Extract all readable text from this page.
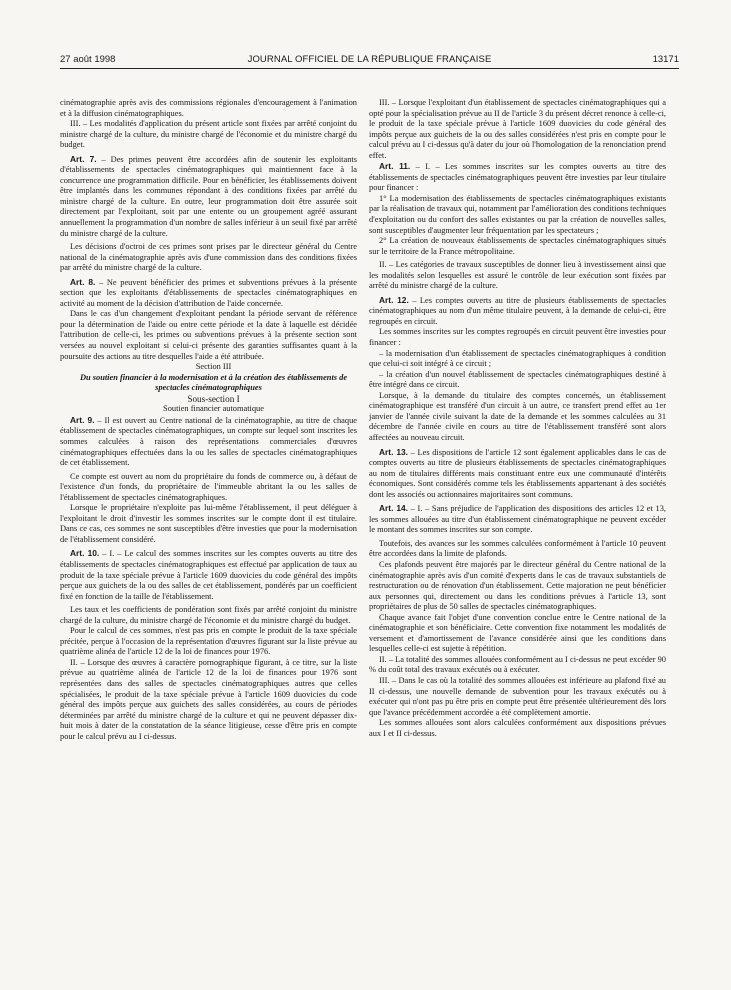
27 août 1998	JOURNAL OFFICIEL DE LA RÉPUBLIQUE FRANÇAISE	13171

cinématographie après avis des commissions régionales d'encouragement à l'animation et à la diffusion cinématographiques.

III. – Les modalités d'application du présent article sont fixées par arrêté conjoint du ministre chargé de la culture, du ministre chargé de l'économie et du ministre chargé du budget.

Art. 7. – Des primes peuvent être accordées afin de soutenir les exploitants d'établissements de spectacles cinématographiques qui maintiennent face à la concurrence une programmation difficile. Pour en bénéficier, les établissements doivent être implantés dans les communes répondant à des conditions fixées par arrêté du ministre chargé de la culture. En outre, leur programmation doit être assurée soit directement par l'exploitant, soit par une entente ou un groupement agréé assurant annuellement la programmation d'un nombre de salles inférieur à un seuil fixé par arrêté du ministre chargé de la culture.

Les décisions d'octroi de ces primes sont prises par le directeur général du Centre national de la cinématographie après avis d'une commission dans des conditions fixées par arrêté du ministre chargé de la culture.

Art. 8. – Ne peuvent bénéficier des primes et subventions prévues à la présente section que les exploitants d'établissements de spectacles cinématographiques en activité au moment de la décision d'attribution de l'aide concernée.

Dans le cas d'un changement d'exploitant pendant la période servant de référence pour la détermination de l'aide ou entre cette période et la date à laquelle est décidée l'attribution de celle-ci, les primes ou subventions prévues à la présente section sont versées au nouvel exploitant si celui-ci présente des garanties suffisantes quant à la poursuite des actions au titre desquelles l'aide a été attribuée.

Section III

Du soutien financier à la modernisation et à la création des établissements de spectacles cinématographiques

Sous-section I

Soutien financier automatique

Art. 9. – Il est ouvert au Centre national de la cinématographie, au titre de chaque établissement de spectacles cinématographiques, un compte sur lequel sont inscrites les sommes calculées à raison des représentations commerciales d'œuvres cinématographiques effectuées dans la ou les salles de spectacles cinématographiques de cet établissement.

Ce compte est ouvert au nom du propriétaire du fonds de commerce ou, à défaut de l'existence d'un fonds, du propriétaire de l'immeuble abritant la ou les salles de l'établissement de spectacles cinématographiques.

Lorsque le propriétaire n'exploite pas lui-même l'établissement, il peut déléguer à l'exploitant le droit d'investir les sommes inscrites sur le compte dont il est titulaire. Dans ce cas, ces sommes ne sont susceptibles d'être investies que pour la modernisation de l'établissement considéré.

Art. 10. – I. – Le calcul des sommes inscrites sur les comptes ouverts au titre des établissements de spectacles cinématographiques est effectué par application de taux au produit de la taxe spéciale prévue à l'article 1609 duovicies du code général des impôts perçue aux guichets de la ou des salles de cet établissement, pondérés par un coefficient fixé en fonction de la taille de l'établissement.

Les taux et les coefficients de pondération sont fixés par arrêté conjoint du ministre chargé de la culture, du ministre chargé de l'économie et du ministre chargé du budget.

Pour le calcul de ces sommes, n'est pas pris en compte le produit de la taxe spéciale précitée, perçue à l'occasion de la représentation d'œuvres figurant sur la liste prévue au quatrième alinéa de l'article 12 de la loi de finances pour 1976.

II. – Lorsque des œuvres à caractère pornographique figurant, à ce titre, sur la liste prévue au quatrième alinéa de l'article 12 de la loi de finances pour 1976 sont représentées dans des salles de spectacles cinématographiques autres que celles spécialisées, le produit de la taxe spéciale prévue à l'article 1609 duovicies du code général des impôts perçue aux guichets des salles considérées, au cours de périodes déterminées par arrêté du ministre chargé de la culture et qui ne peuvent dépasser dix-huit mois à dater de la constatation de la séance litigieuse, cesse d'être pris en compte pour le calcul prévu au I ci-dessus.

III. – Lorsque l'exploitant d'un établissement de spectacles cinématographiques qui a opté pour la spécialisation prévue au II de l'article 3 du présent décret renonce à celle-ci, le produit de la taxe spéciale prévue à l'article 1609 duovicies du code général des impôts perçue aux guichets de la ou des salles considérées n'est pris en compte pour le calcul prévu au I ci-dessus qu'à dater du jour où l'homologation de la renonciation prend effet.

Art. 11. – I. – Les sommes inscrites sur les comptes ouverts au titre des établissements de spectacles cinématographiques peuvent être investies par leur titulaire pour financer :

1° La modernisation des établissements de spectacles cinématographiques existants par la réalisation de travaux qui, notamment par l'amélioration des conditions techniques d'exploitation ou du confort des salles existantes ou par la création de nouvelles salles, sont susceptibles d'augmenter leur fréquentation par les spectateurs ;

2° La création de nouveaux établissements de spectacles cinématographiques situés sur le territoire de la France métropolitaine.

II. – Les catégories de travaux susceptibles de donner lieu à investissement ainsi que les modalités selon lesquelles est assuré le contrôle de leur exécution sont fixées par arrêté du ministre chargé de la culture.

Art. 12. – Les comptes ouverts au titre de plusieurs établissements de spectacles cinématographiques au nom d'un même titulaire peuvent, à la demande de celui-ci, être regroupés en circuit.

Les sommes inscrites sur les comptes regroupés en circuit peuvent être investies pour financer :

– la modernisation d'un établissement de spectacles cinématographiques à condition que celui-ci soit intégré à ce circuit ;

– la création d'un nouvel établissement de spectacles cinématographiques destiné à être intégré dans ce circuit.

Lorsque, à la demande du titulaire des comptes concernés, un établissement cinématographique est transféré d'un circuit à un autre, ce transfert prend effet au 1er janvier de l'année civile suivant la date de la demande et les sommes calculées au 31 décembre de l'année civile en cours au titre de l'établissement transféré sont alors affectées au nouveau circuit.

Art. 13. – Les dispositions de l'article 12 sont également applicables dans le cas de comptes ouverts au titre de plusieurs établissements de spectacles cinématographiques au nom de titulaires différents mais constituant entre eux une communauté d'intérêts économiques. Sont considérés comme tels les établissements appartenant à des sociétés dont les associés ou actionnaires majoritaires sont communs.

Art. 14. – I. – Sans préjudice de l'application des dispositions des articles 12 et 13, les sommes allouées au titre d'un établissement cinématographique ne peuvent excéder le montant des sommes inscrites sur son compte.

Toutefois, des avances sur les sommes calculées conformément à l'article 10 peuvent être accordées dans la limite de plafonds.

Ces plafonds peuvent être majorés par le directeur général du Centre national de la cinématographie après avis d'un comité d'experts dans le cas de travaux substantiels de restructuration ou de rénovation d'un établissement. Cette majoration ne peut bénéficier aux personnes qui, directement ou dans les conditions prévues à l'article 13, sont propriétaires de plus de 50 salles de spectacles cinématographiques.

Chaque avance fait l'objet d'une convention conclue entre le Centre national de la cinématographie et son bénéficiaire. Cette convention fixe notamment les modalités de versement et d'amortissement de l'avance considérée ainsi que les conditions dans lesquelles celle-ci est sujette à répétition.

II. – La totalité des sommes allouées conformément au I ci-dessus ne peut excéder 90 % du coût total des travaux exécutés ou à exécuter.

III. – Dans le cas où la totalité des sommes allouées est inférieure au plafond fixé au II ci-dessus, une nouvelle demande de subvention pour les travaux exécutés ou à exécuter qui n'ont pas pu être pris en compte peut être présentée ultérieurement dès lors que l'avance précédemment accordée a été complètement amortie.

Les sommes allouées sont alors calculées conformément aux dispositions prévues aux I et II ci-dessus.
